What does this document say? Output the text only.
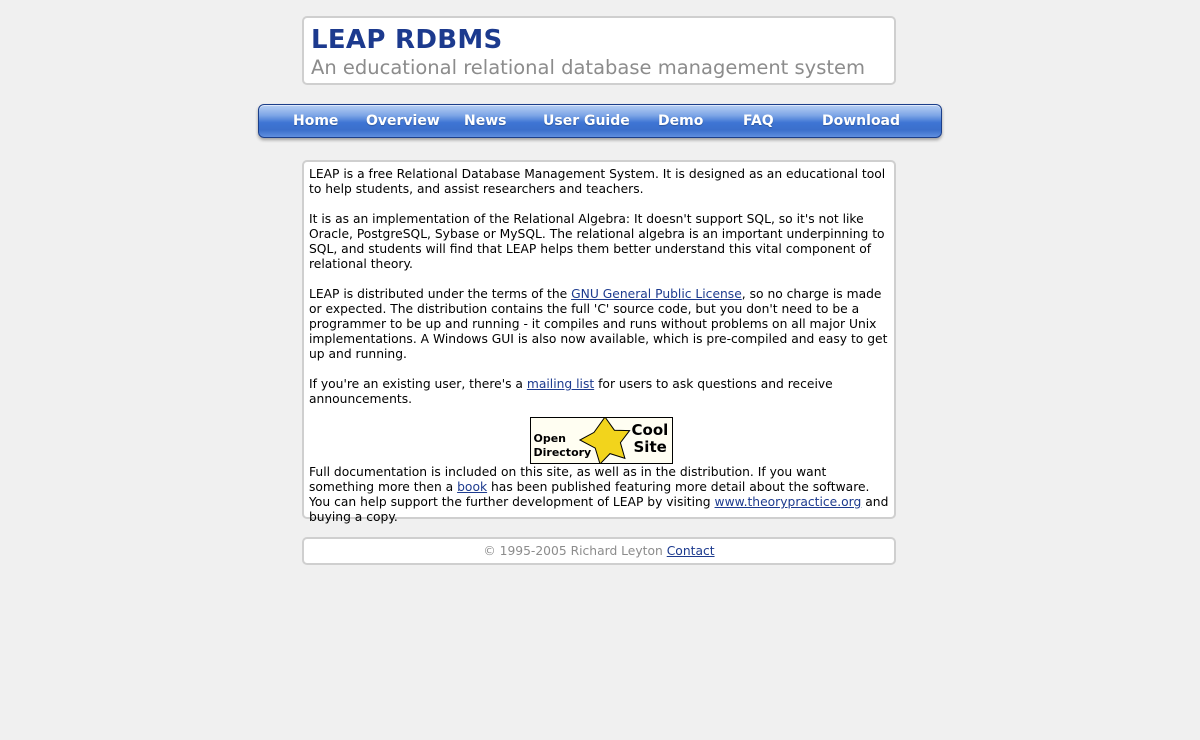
LEAP RDBMS
An educational relational database management system
Home Overview News	User Guide Demo	FAQ	Download

LEAP is a free Relational Database Management System. It is designed as an educational tool to help students, and assist researchers and teachers.

It is as an implementation of the Relational Algebra: It doesn't support SQL, so it's not like Oracle, PostgreSQL, Sybase or MySQL. The relational algebra is an important underpinning to SQL, and students will find that LEAP helps them better understand this vital component of relational theory.

LEAP is distributed under the terms of the GNU General Public License, so no charge is made or expected. The distribution contains the full 'C' source code, but you don't need to be a programmer to be up and running - it compiles and runs without problems on all major Unix implementations. A Windows GUI is also now available, which is pre-compiled and easy to get up and running.

If you're an existing user, there's a mailing list for users to ask questions and receive announcements.

Open
Directory
Cool
Site

Full documentation is included on this site, as well as in the distribution. If you want something more then a book has been published featuring more detail about the software. You can help support the further development of LEAP by visiting www.theorypractice.org and buying a copy.

© 1995-2005 Richard Leyton Contact
